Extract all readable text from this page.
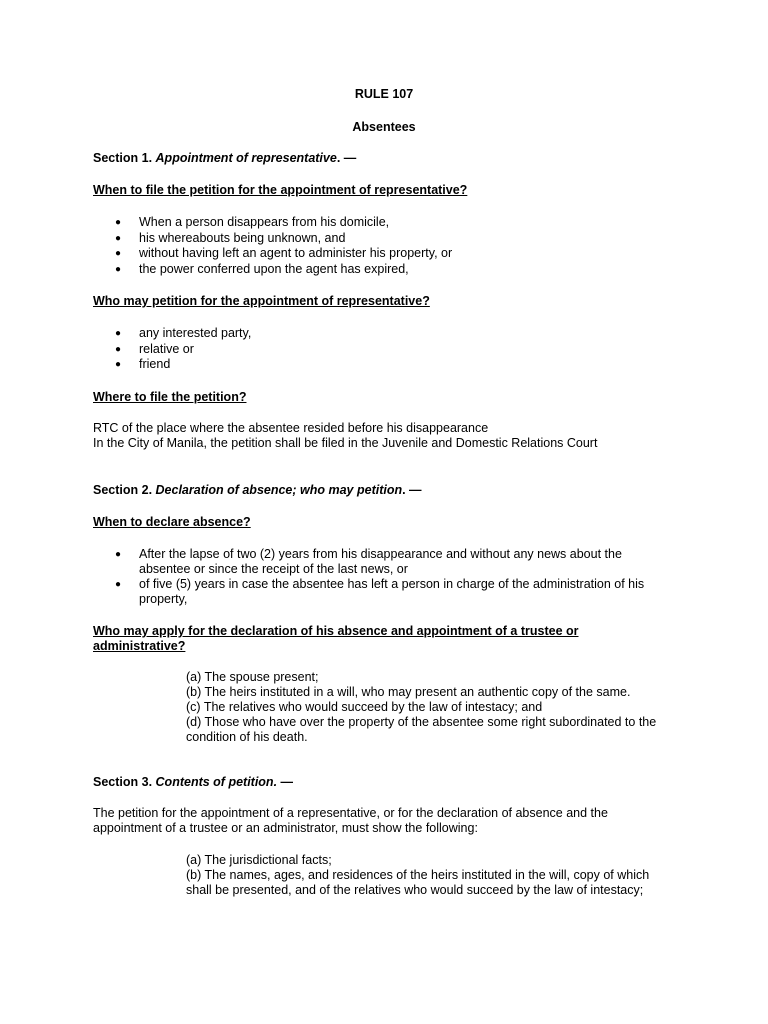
RULE 107
Absentees
Section 1. Appointment of representative. —
When to file the petition for the appointment of representative?
● When a person disappears from his domicile,
● his whereabouts being unknown, and
● without having left an agent to administer his property, or
● the power conferred upon the agent has expired,
Who may petition for the appointment of representative?
● any interested party,
● relative or
● friend
Where to file the petition?
RTC of the place where the absentee resided before his disappearance
In the City of Manila, the petition shall be filed in the Juvenile and Domestic Relations Court
Section 2. Declaration of absence; who may petition. —
When to declare absence?
● After the lapse of two (2) years from his disappearance and without any news about the absentee or since the receipt of the last news, or
● of five (5) years in case the absentee has left a person in charge of the administration of his property,
Who may apply for the declaration of his absence and appointment of a trustee or administrative?
(a) The spouse present;
(b) The heirs instituted in a will, who may present an authentic copy of the same.
(c) The relatives who would succeed by the law of intestacy; and
(d) Those who have over the property of the absentee some right subordinated to the condition of his death.
Section 3. Contents of petition. —
The petition for the appointment of a representative, or for the declaration of absence and the appointment of a trustee or an administrator, must show the following:
(a) The jurisdictional facts;
(b) The names, ages, and residences of the heirs instituted in the will, copy of which shall be presented, and of the relatives who would succeed by the law of intestacy;
